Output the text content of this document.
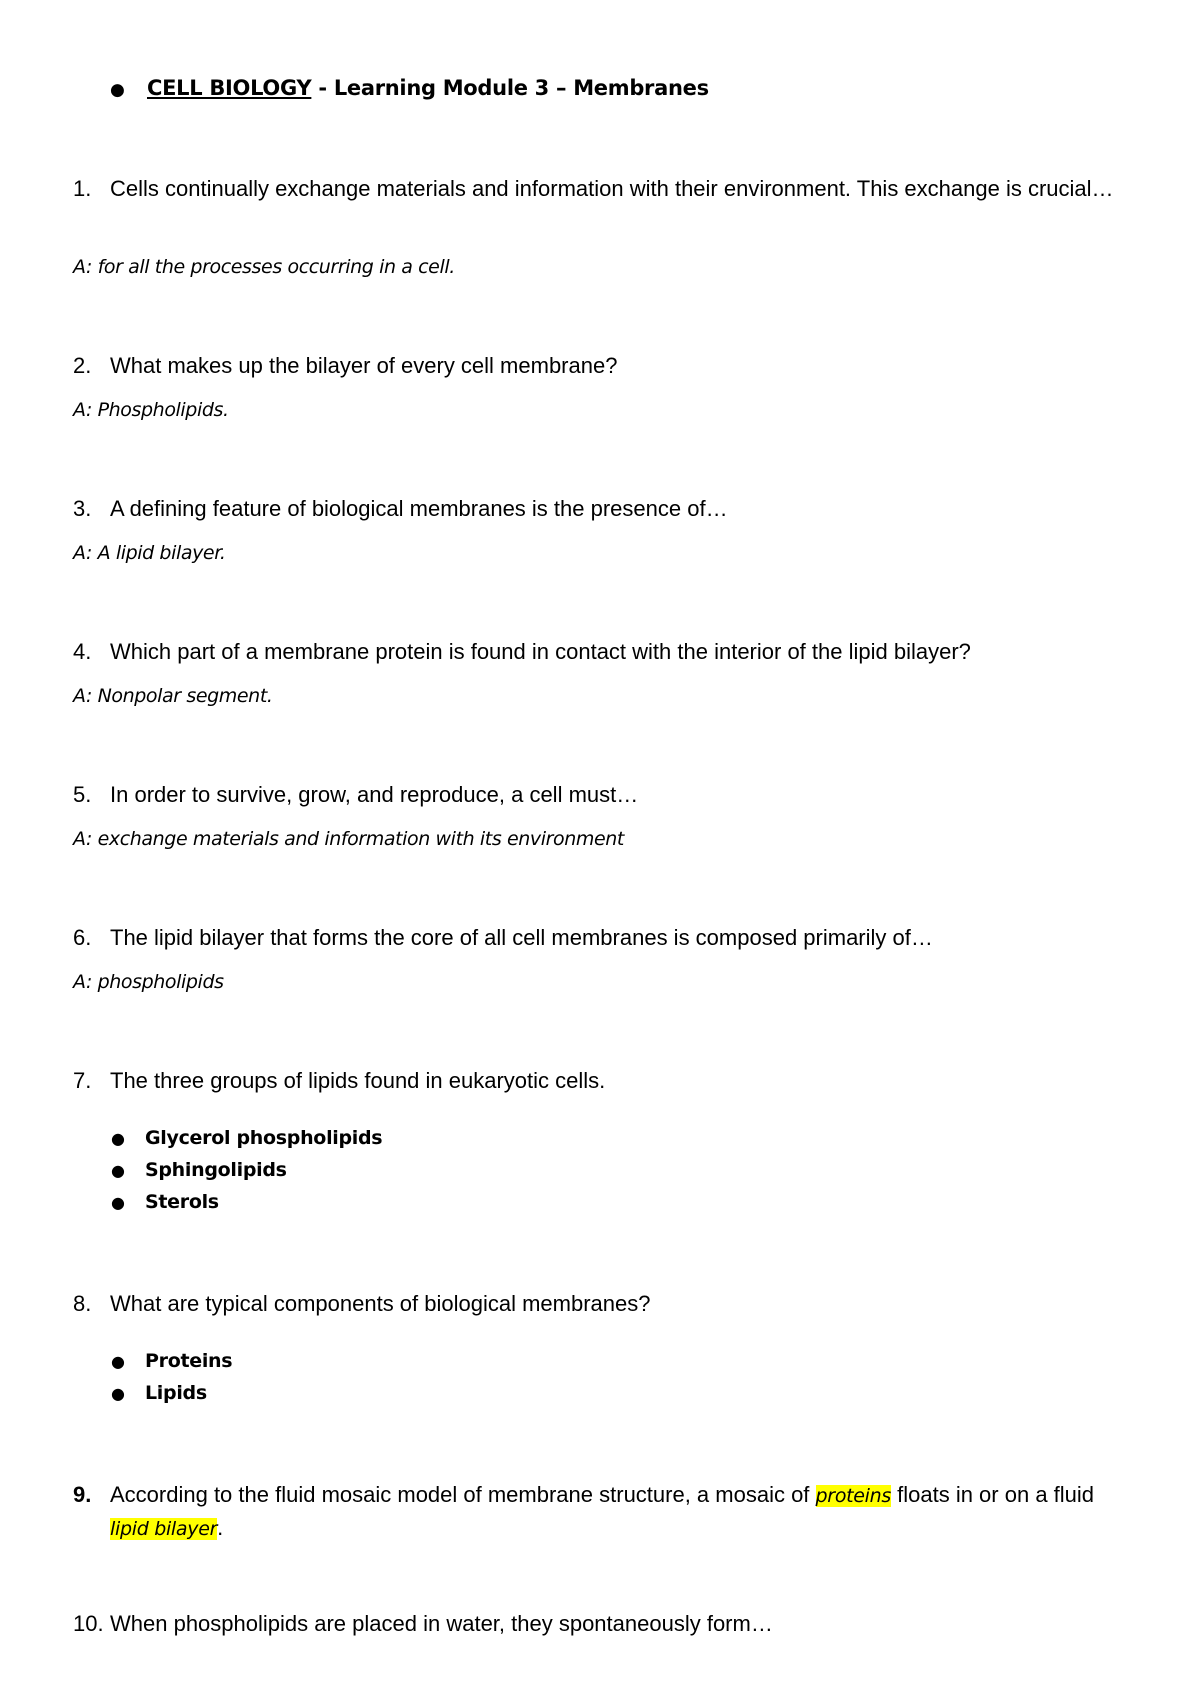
● CELL BIOLOGY - Learning Module 3 – Membranes
1. Cells continually exchange materials and information with their environment. This exchange is crucial…
A: for all the processes occurring in a cell.
2. What makes up the bilayer of every cell membrane?
A: Phospholipids.
3. A defining feature of biological membranes is the presence of…
A: A lipid bilayer.
4. Which part of a membrane protein is found in contact with the interior of the lipid bilayer?
A: Nonpolar segment.
5. In order to survive, grow, and reproduce, a cell must…
A: exchange materials and information with its environment
6. The lipid bilayer that forms the core of all cell membranes is composed primarily of…
A: phospholipids
7. The three groups of lipids found in eukaryotic cells.
● Glycerol phospholipids
● Sphingolipids
● Sterols
8. What are typical components of biological membranes?
● Proteins
● Lipids
9. According to the fluid mosaic model of membrane structure, a mosaic of proteins floats in or on a fluid lipid bilayer.
10. When phospholipids are placed in water, they spontaneously form…
